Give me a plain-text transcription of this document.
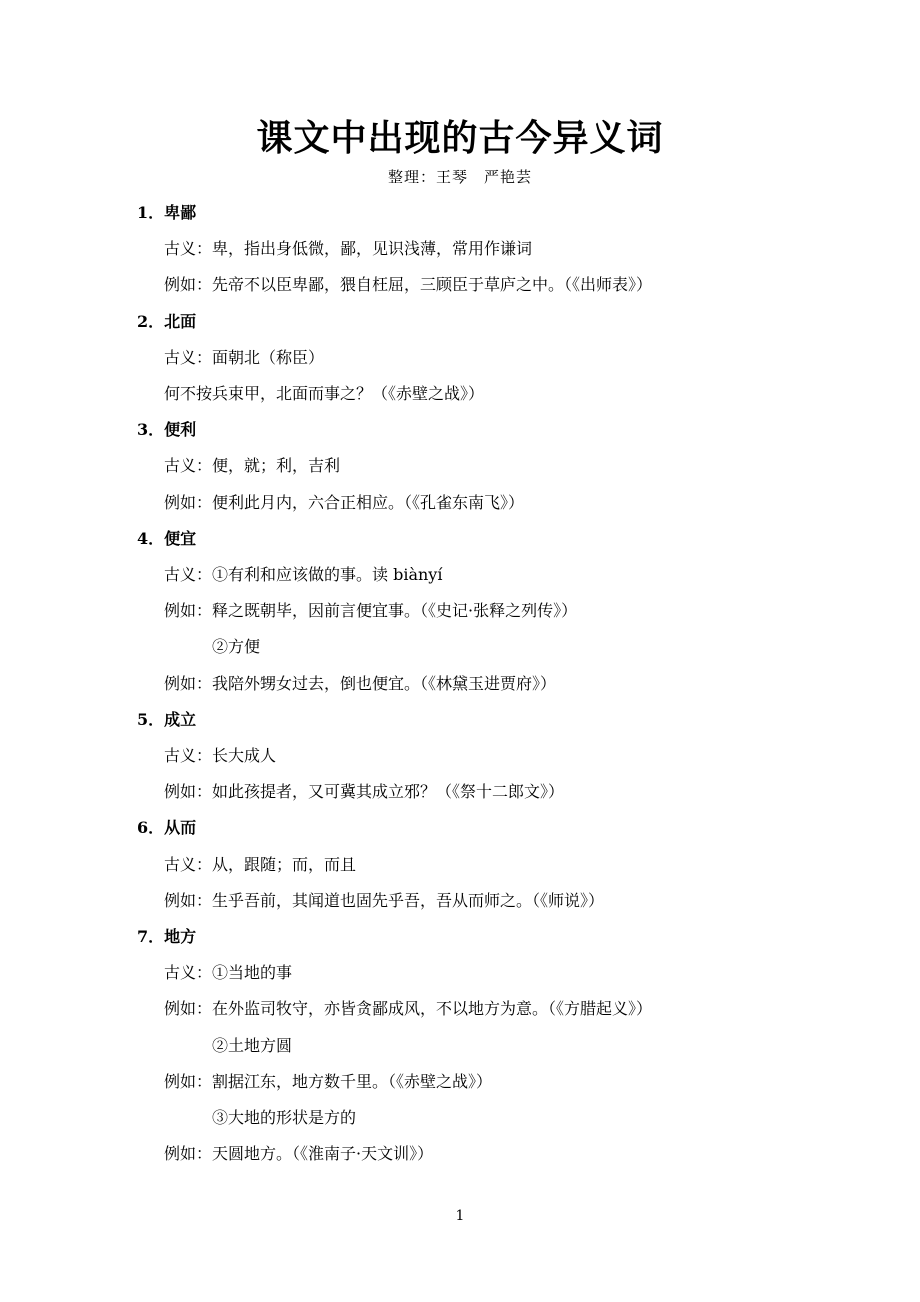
课文中出现的古今异义词
整理：王琴　严艳芸
1．卑鄙
古义：卑，指出身低微，鄙，见识浅薄，常用作谦词
例如：先帝不以臣卑鄙，猥自枉屈，三顾臣于草庐之中。（《出师表》）
2．北面
古义：面朝北（称臣）
何不按兵束甲，北面而事之？（《赤壁之战》）
3．便利
古义：便，就；利，吉利
例如：便利此月内，六合正相应。（《孔雀东南飞》）
4．便宜
古义：①有利和应该做的事。读 biànyí
例如：释之既朝毕，因前言便宜事。（《史记·张释之列传》）
②方便
例如：我陪外甥女过去，倒也便宜。（《林黛玉进贾府》）
5．成立
古义：长大成人
例如：如此孩提者，又可冀其成立邪？（《祭十二郎文》）
6．从而
古义：从，跟随；而，而且
例如：生乎吾前，其闻道也固先乎吾，吾从而师之。（《师说》）
7．地方
古义：①当地的事
例如：在外监司牧守，亦皆贪鄙成风，不以地方为意。（《方腊起义》）
②土地方圆
例如：割据江东，地方数千里。（《赤壁之战》）
③大地的形状是方的
例如：天圆地方。（《淮南子·天文训》）
1
